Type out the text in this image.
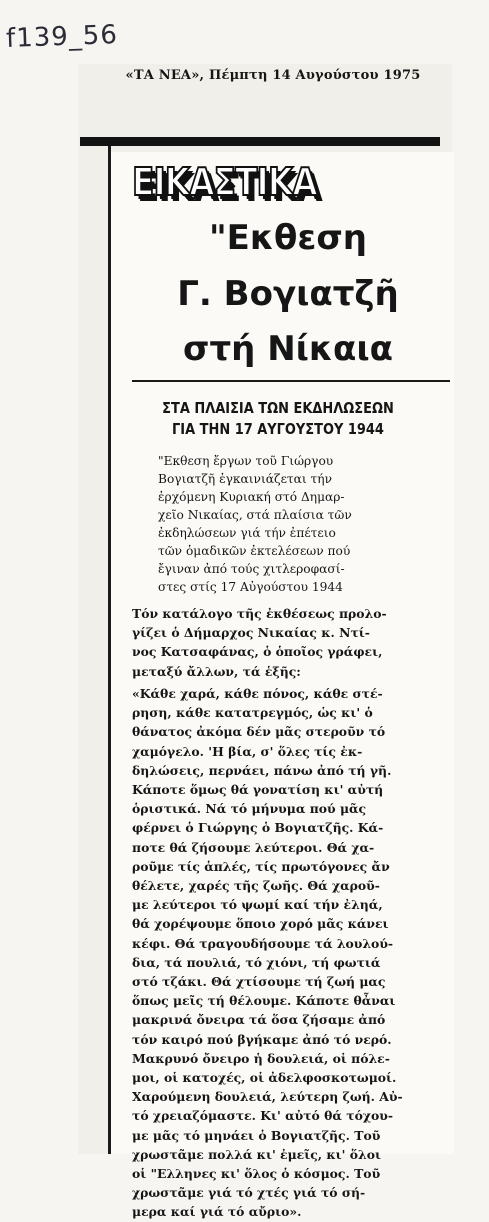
f139_56
«ΤΑ ΝΕΑ», Πέμπτη 14 Αυγούστου 1975
ΕΙΚΑΣΤΙΚΑ
"Εκθεση
Γ. Βογιατζῆ
στή Νίκαια
ΣΤΑ ΠΛΑΙΣΙΑ ΤΩΝ ΕΚΔΗΛΩΣΕΩΝ
ΓΙΑ ΤΗΝ 17 ΑΥΓΟΥΣΤΟΥ 1944
"Εκθεση ἔργων τοῦ Γιώργου
Βογιατζῆ ἐγκαινιάζεται τήν
ἐρχόμενη Κυριακή στό Δημαρ-
χεῖο Νικαίας, στά πλαίσια τῶν
ἐκδηλώσεων γιά τήν ἐπέτειο
τῶν ὁμαδικῶν ἐκτελέσεων πού
ἔγιναν ἀπό τούς χιτλεροφασί-
στες στίς 17 Αὐγούστου 1944
Τόν κατάλογο τῆς ἐκθέσεως προλο-
γίζει ὁ Δήμαρχος Νικαίας κ. Ντί-
νος Κατσαφάνας, ὁ ὁποῖος γράφει,
μεταξύ ἄλλων, τά ἑξῆς:
«Κάθε χαρά, κάθε πόνος, κάθε στέ-
ρηση, κάθε κατατρεγμός, ὡς κι' ὁ
θάνατος ἀκόμα δέν μᾶς στεροῦν τό
χαμόγελο. 'Η βία, σ' ὅλες τίς ἐκ-
δηλώσεις, περνάει, πάνω ἀπό τή γῆ.
Κάποτε ὅμως θά γονατίση κι' αὐτή
ὁριστικά. Νά τό μήνυμα πού μᾶς
φέρνει ὁ Γιώργης ὁ Βογιατζῆς. Κά-
ποτε θά ζήσουμε λεύτεροι. Θά χα-
ροῦμε τίς ἁπλές, τίς πρωτόγονες ἄν
θέλετε, χαρές τῆς ζωῆς. Θά χαροῦ-
με λεύτεροι τό ψωμί καί τήν ἐληά,
θά χορέψουμε ὅποιο χορό μᾶς κάνει
κέφι. Θά τραγουδήσουμε τά λουλού-
δια, τά πουλιά, τό χιόνι, τή φωτιά
στό τζάκι. Θά χτίσουμε τή ζωή μας
ὅπως μεῖς τή θέλουμε. Κάποτε θἆναι
μακρινά ὄνειρα τά ὅσα ζήσαμε ἀπό
τόν καιρό πού βγήκαμε ἀπό τό νερό.
Μακρυνό ὄνειρο ἡ δουλειά, οἱ πόλε-
μοι, οἱ κατοχές, οἱ ἀδελφοσκοτωμοί.
Χαρούμενη δουλειά, λεύτερη ζωή. Αὐ-
τό χρειαζόμαστε. Κι' αὐτό θά τόχου-
με μᾶς τό μηνάει ὁ Βογιατζῆς. Τοῦ
χρωστᾶμε πολλά κι' ἐμεῖς, κι' ὅλοι
οἱ "Ελληνες κι' ὅλος ὁ κόσμος. Τοῦ
χρωστᾶμε γιά τό χτές γιά τό σή-
μερα καί γιά τό αὔριο».
